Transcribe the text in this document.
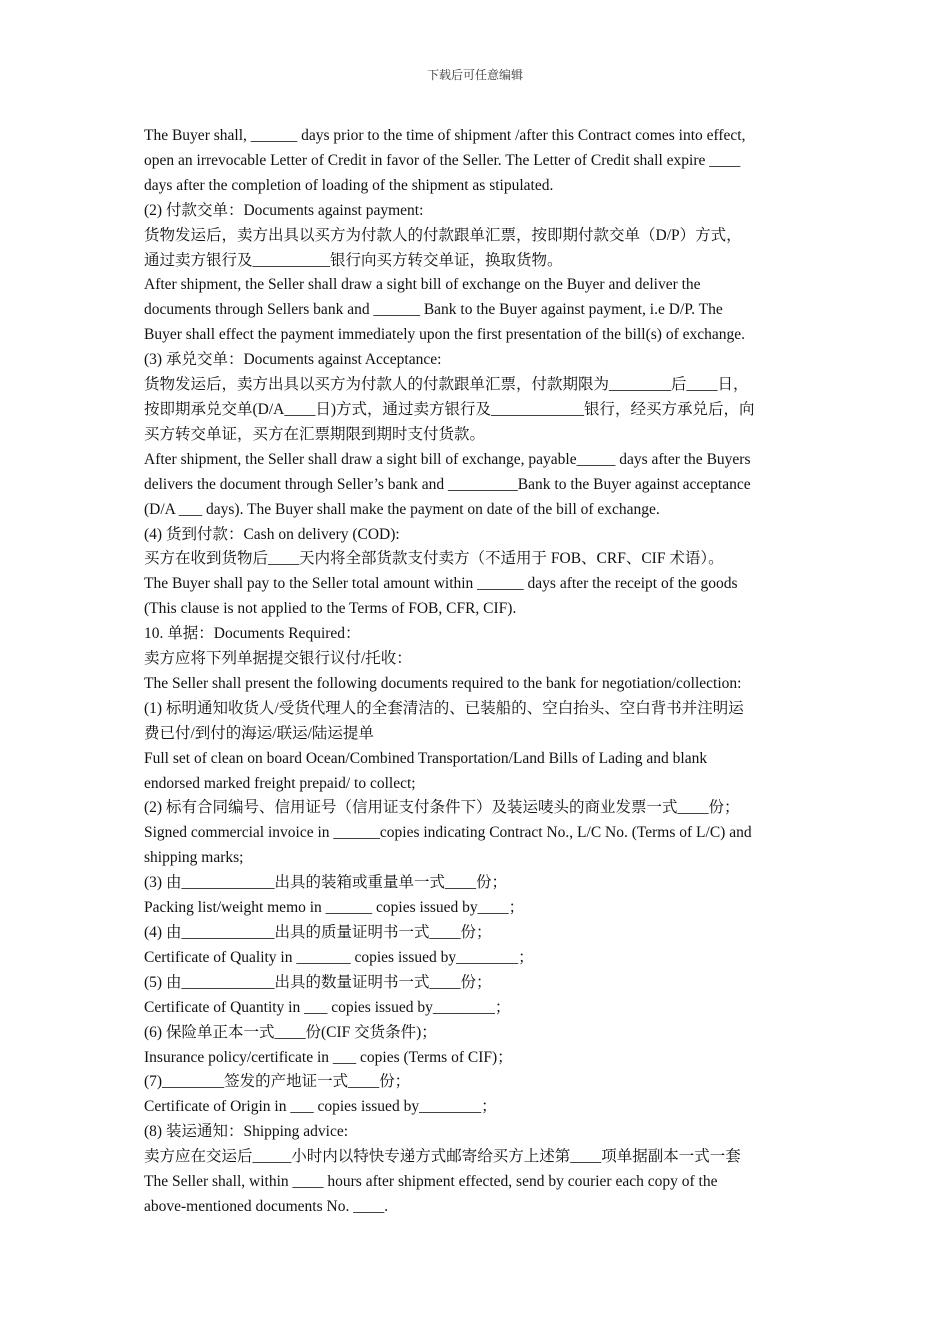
下载后可任意编辑
The Buyer shall, ______ days prior to the time of shipment /after this Contract comes into effect,
open an irrevocable Letter of Credit in favor of the Seller. The Letter of Credit shall expire ____
days after the completion of loading of the shipment as stipulated.
(2) 付款交单：Documents against payment:
货物发运后，卖方出具以买方为付款人的付款跟单汇票，按即期付款交单（D/P）方式，
通过卖方银行及__________银行向买方转交单证，换取货物。
After shipment, the Seller shall draw a sight bill of exchange on the Buyer and deliver the
documents through Sellers bank and ______ Bank to the Buyer against payment, i.e D/P. The
Buyer shall effect the payment immediately upon the first presentation of the bill(s) of exchange.
(3) 承兑交单：Documents against Acceptance:
货物发运后，卖方出具以买方为付款人的付款跟单汇票，付款期限为________后____日，
按即期承兑交单(D/A____日)方式，通过卖方银行及____________银行，经买方承兑后，向
买方转交单证，买方在汇票期限到期时支付货款。
After shipment, the Seller shall draw a sight bill of exchange, payable_____ days after the Buyers
delivers the document through Seller’s bank and _________Bank to the Buyer against acceptance
(D/A ___ days). The Buyer shall make the payment on date of the bill of exchange.
(4) 货到付款：Cash on delivery (COD):
买方在收到货物后____天内将全部货款支付卖方（不适用于 FOB、CRF、CIF 术语）。
The Buyer shall pay to the Seller total amount within ______ days after the receipt of the goods
(This clause is not applied to the Terms of FOB, CFR, CIF).
10. 单据：Documents Required：
卖方应将下列单据提交银行议付/托收：
The Seller shall present the following documents required to the bank for negotiation/collection:
(1) 标明通知收货人/受货代理人的全套清洁的、已装船的、空白抬头、空白背书并注明运
费已付/到付的海运/联运/陆运提单
Full set of clean on board Ocean/Combined Transportation/Land Bills of Lading and blank
endorsed marked freight prepaid/ to collect;
(2) 标有合同编号、信用证号（信用证支付条件下）及装运唛头的商业发票一式____份；
Signed commercial invoice in ______copies indicating Contract No., L/C No. (Terms of L/C) and
shipping marks;
(3) 由____________出具的装箱或重量单一式____份；
Packing list/weight memo in ______ copies issued by____；
(4) 由____________出具的质量证明书一式____份；
Certificate of Quality in _______ copies issued by________；
(5) 由____________出具的数量证明书一式____份；
Certificate of Quantity in ___ copies issued by________；
(6) 保险单正本一式____份(CIF 交货条件)；
Insurance policy/certificate in ___ copies (Terms of CIF)；
(7)________签发的产地证一式____份；
Certificate of Origin in ___ copies issued by________；
(8) 装运通知：Shipping advice:
卖方应在交运后_____小时内以特快专递方式邮寄给买方上述第____项单据副本一式一套
The Seller shall, within ____ hours after shipment effected, send by courier each copy of the
above-mentioned documents No. ____.
